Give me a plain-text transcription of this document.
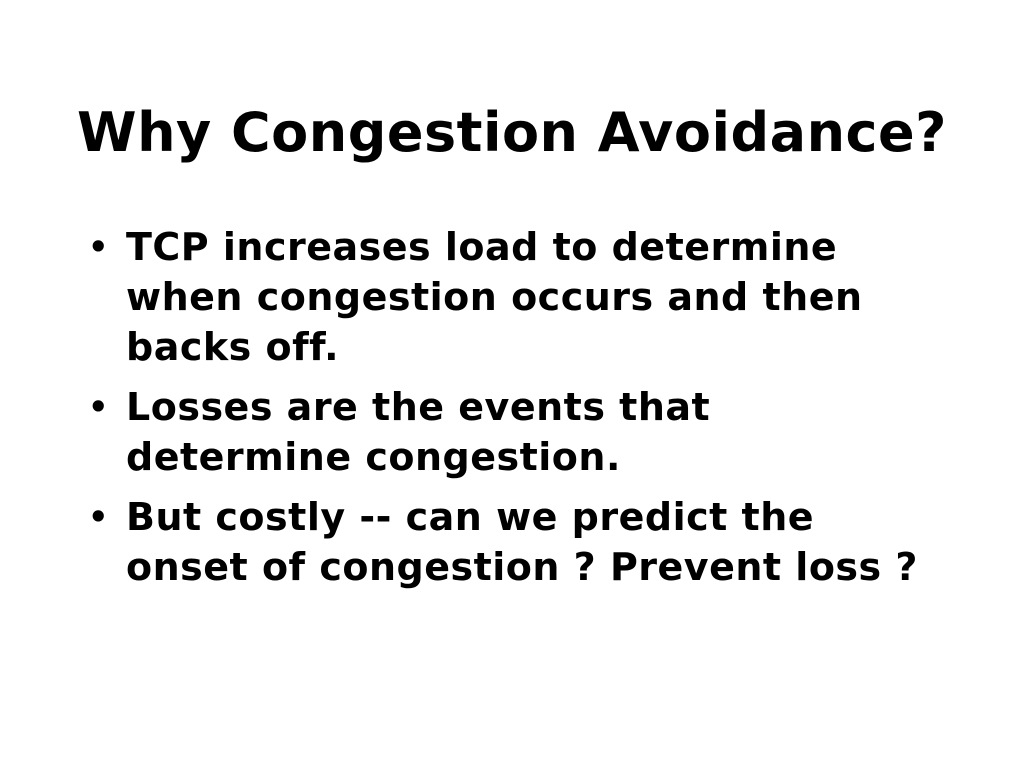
Why Congestion Avoidance?
• TCP increases load to determine
when congestion occurs and then
backs off.
• Losses are the events that
determine congestion.
• But costly -- can we predict the
onset of congestion ? Prevent loss ?
